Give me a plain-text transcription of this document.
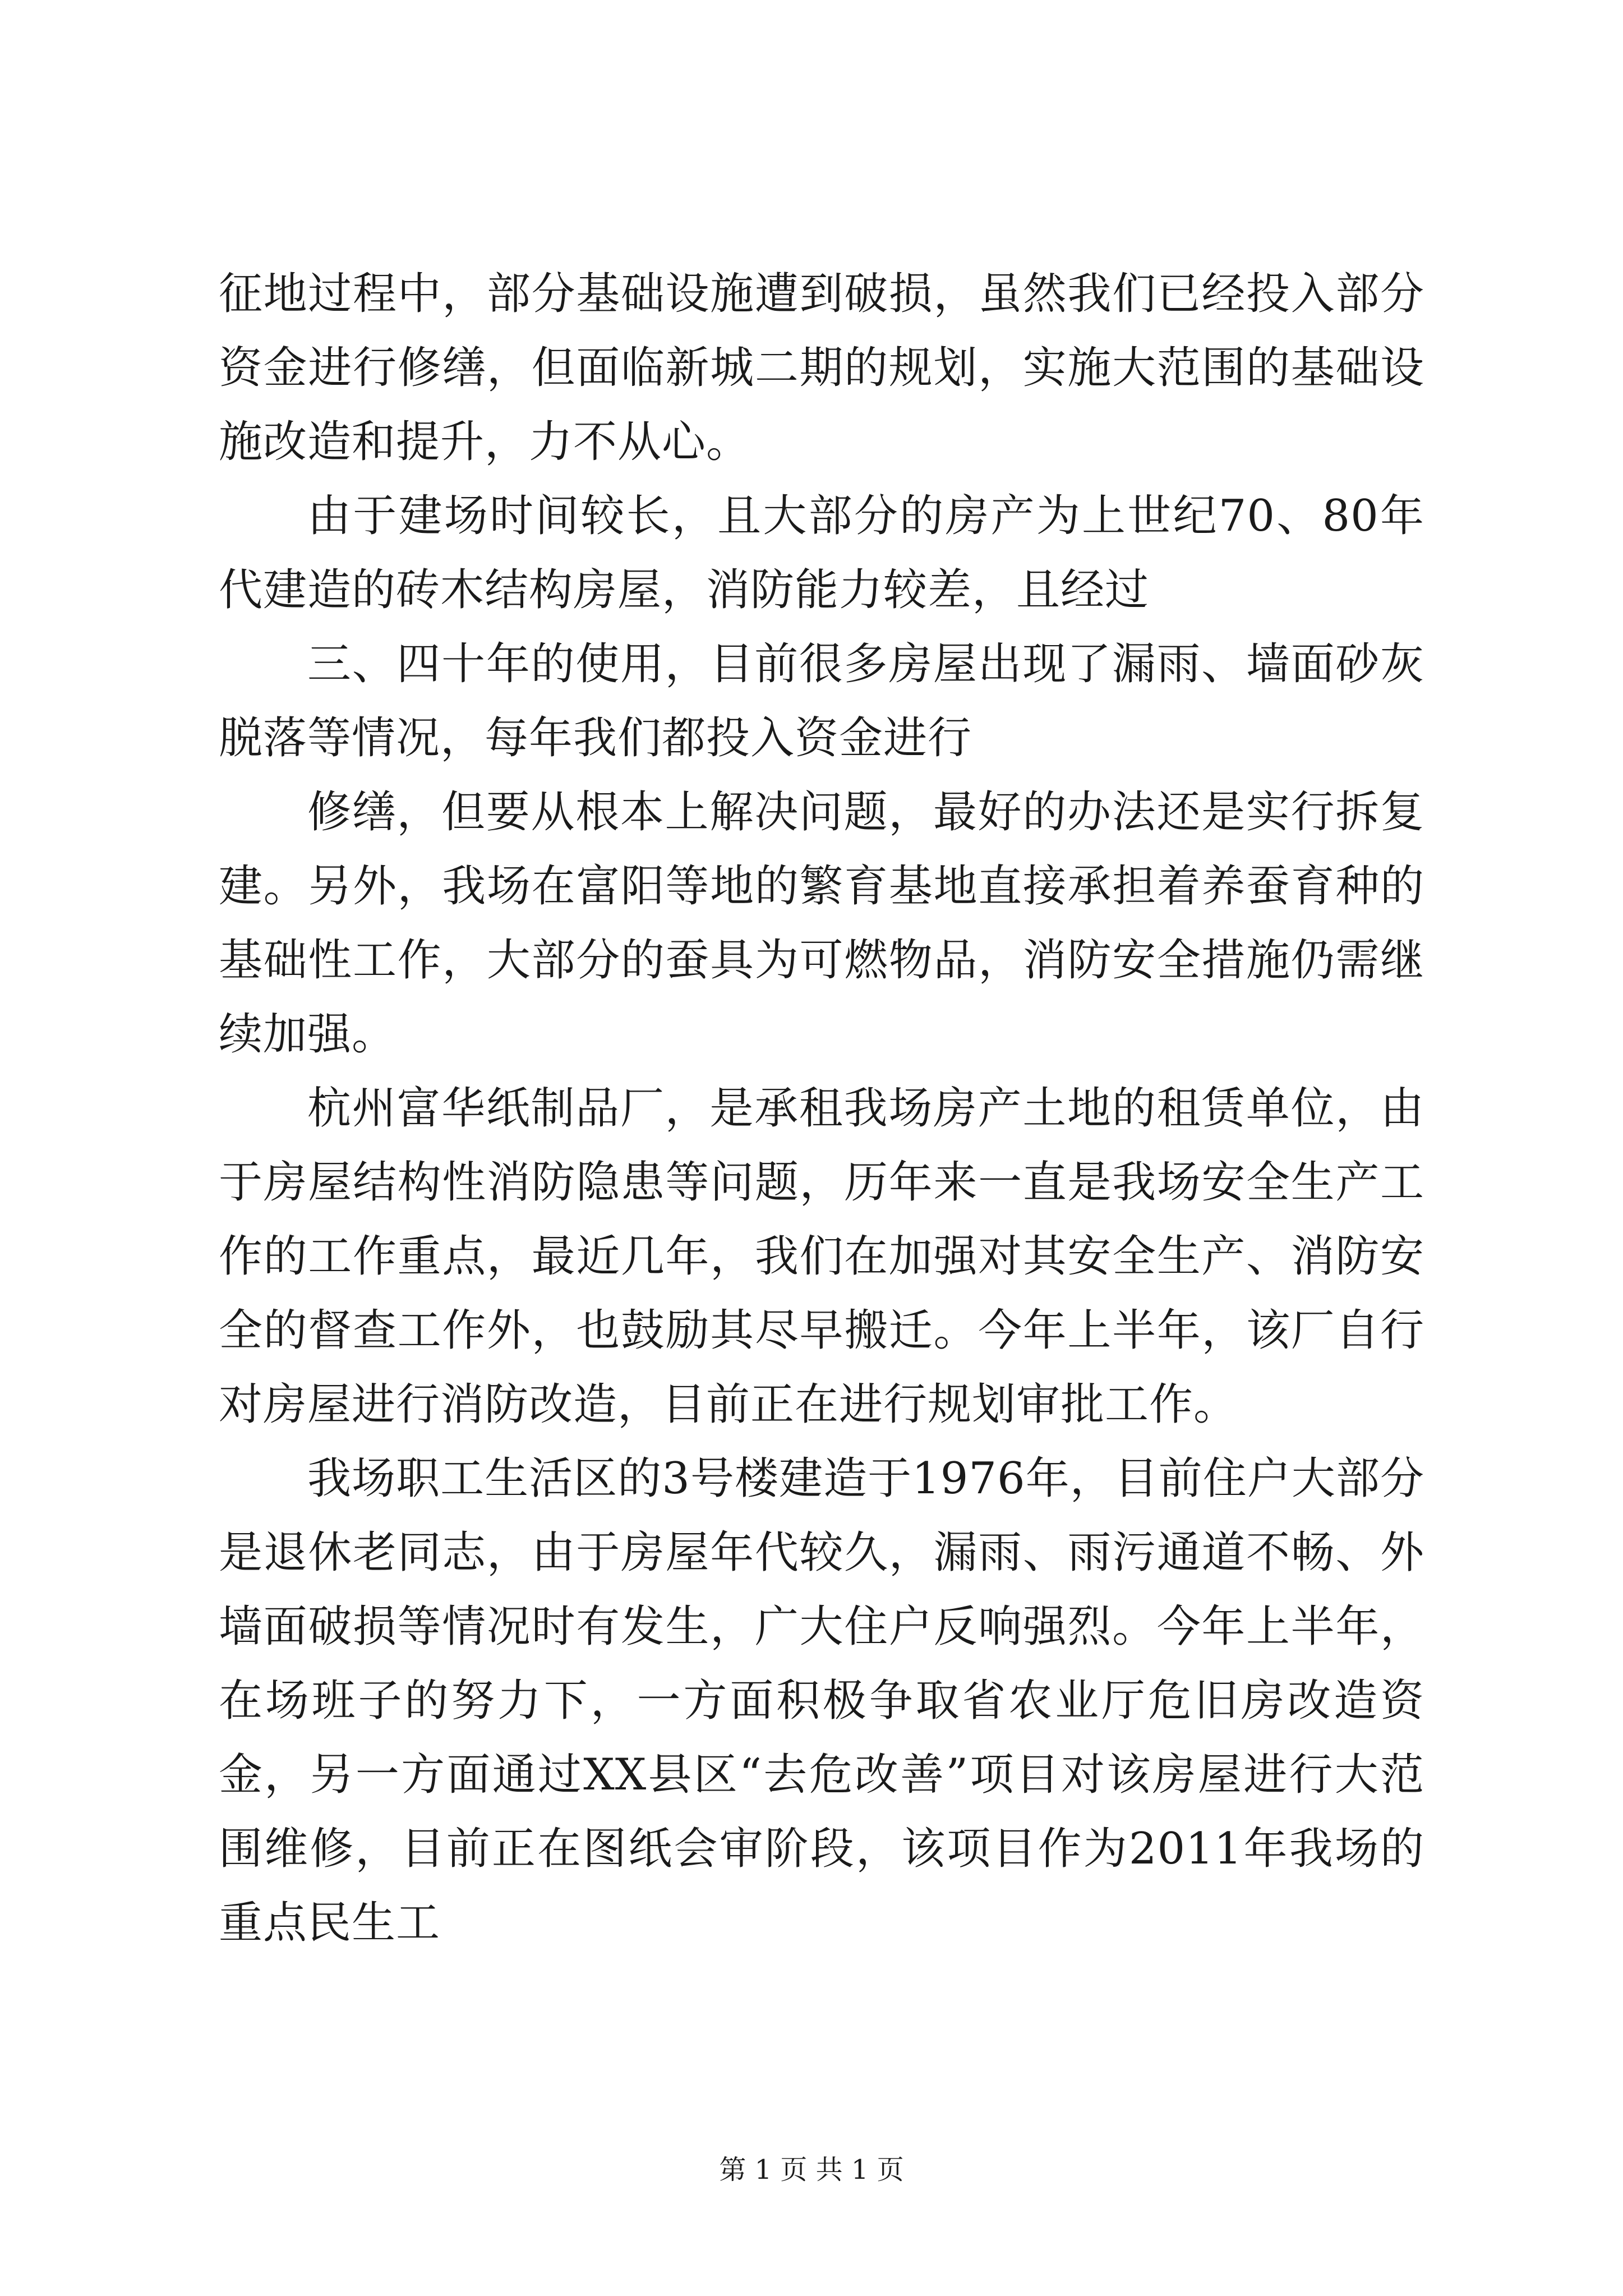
征地过程中，部分基础设施遭到破损，虽然我们已经投入部分资金进行修缮，但面临新城二期的规划，实施大范围的基础设施改造和提升，力不从心。

由于建场时间较长，且大部分的房产为上世纪70、80年代建造的砖木结构房屋，消防能力较差，且经过

三、四十年的使用，目前很多房屋出现了漏雨、墙面砂灰脱落等情况，每年我们都投入资金进行

修缮，但要从根本上解决问题，最好的办法还是实行拆复建。另外，我场在富阳等地的繁育基地直接承担着养蚕育种的基础性工作，大部分的蚕具为可燃物品，消防安全措施仍需继续加强。

杭州富华纸制品厂，是承租我场房产土地的租赁单位，由于房屋结构性消防隐患等问题，历年来一直是我场安全生产工作的工作重点，最近几年，我们在加强对其安全生产、消防安全的督查工作外，也鼓励其尽早搬迁。今年上半年，该厂自行对房屋进行消防改造，目前正在进行规划审批工作。

我场职工生活区的3号楼建造于1976年，目前住户大部分是退休老同志，由于房屋年代较久，漏雨、雨污通道不畅、外墙面破损等情况时有发生，广大住户反响强烈。今年上半年，在场班子的努力下，一方面积极争取省农业厅危旧房改造资金，另一方面通过XX县区“去危改善”项目对该房屋进行大范围维修，目前正在图纸会审阶段，该项目作为2011年我场的重点民生工

第 1 页 共 1 页
